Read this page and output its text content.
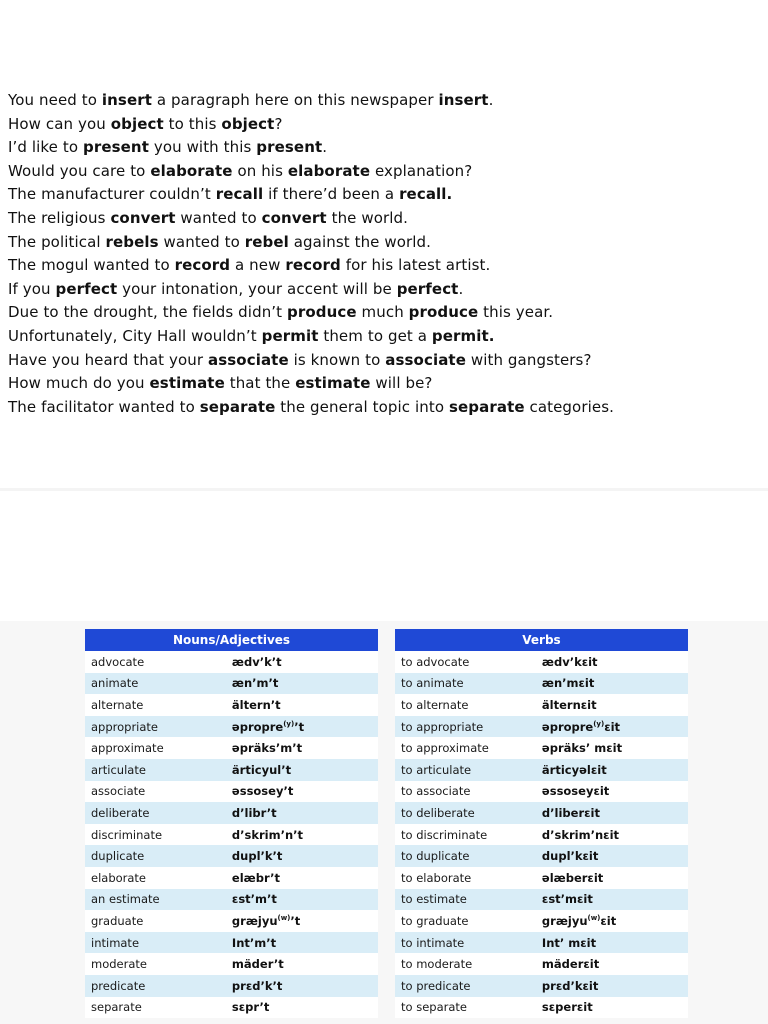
You need to insert a paragraph here on this newspaper insert.
How can you object to this object?
I’d like to present you with this present.
Would you care to elaborate on his elaborate explanation?
The manufacturer couldn’t recall if there’d been a recall.
The religious convert wanted to convert the world.
The political rebels wanted to rebel against the world.
The mogul wanted to record a new record for his latest artist.
If you perfect your intonation, your accent will be perfect.
Due to the drought, the fields didn’t produce much produce this year.
Unfortunately, City Hall wouldn’t permit them to get a permit.
Have you heard that your associate is known to associate with gangsters?
How much do you estimate that the estimate will be?
The facilitator wanted to separate the general topic into separate categories.
Nouns/Adjectives	
advocate	ædv’k’t
animate	æn’m’t
alternate	ältern’t
appropriate	əpropre$^{(y)}$’t
approximate	əpräks’m’t
articulate	ärticyul’t
associate	əssosey’t
deliberate	d’libr’t
discriminate	d’skrim’n’t
duplicate	dupl’k’t
elaborate	elæbr’t
an estimate	ɛst’m’t
graduate	græjyu$^{(w)}$’t
intimate	Int’m’t
moderate	mäder’t
predicate	prɛd’k’t
separate	sɛpr’t
Verbs	
to advocate	ædv’kɛit
to animate	æn’mɛit
to alternate	älternɛit
to appropriate	əpropre$^{(y)}$ɛit
to approximate	əpräks’ mɛit
to articulate	ärticyəlɛit
to associate	əssoseyɛit
to deliberate	d’liberɛit
to discriminate	d’skrim’nɛit
to duplicate	dupl’kɛit
to elaborate	əlæberɛit
to estimate	ɛst’mɛit
to graduate	græjyu$^{(w)}$ɛit
to intimate	Int’ mɛit
to moderate	mäderɛit
to predicate	prɛd’kɛit
to separate	sɛperɛit
